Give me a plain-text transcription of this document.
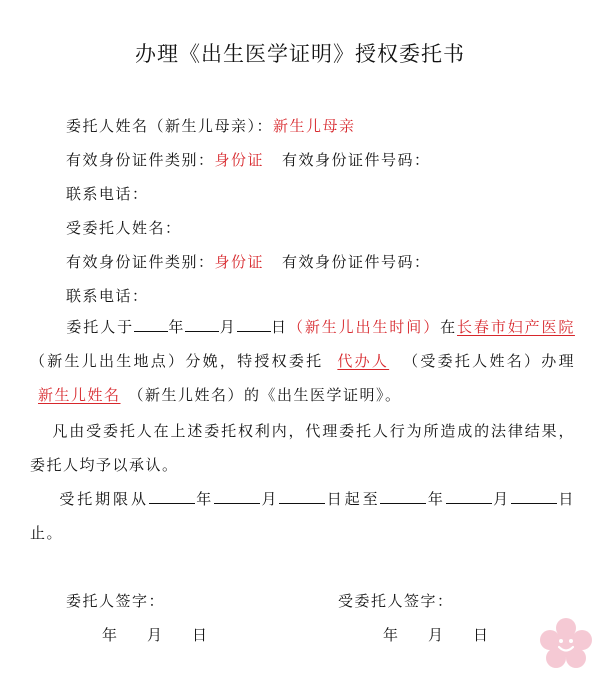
办理《出生医学证明》授权委托书
委托人姓名（新生儿母亲）：新生儿母亲
有效身份证件类别：身份证 有效身份证件号码：
联系电话：
受委托人姓名：
有效身份证件类别：身份证 有效身份证件号码：
联系电话：
委托人于 年 月 日（新生儿出生时间）在长春市妇产医院（新生儿出生地点）分娩，特授权委托 代办人 （受委托人姓名）办理新生儿姓名 （新生儿姓名）的《出生医学证明》。
凡由受委托人在上述委托权利内，代理委托人行为所造成的法律结果，委托人均予以承认。
受托期限从	年	月	日起至	年	月	日止。
委托人签字：	受委托人签字：
年 月 日	年 月 日
